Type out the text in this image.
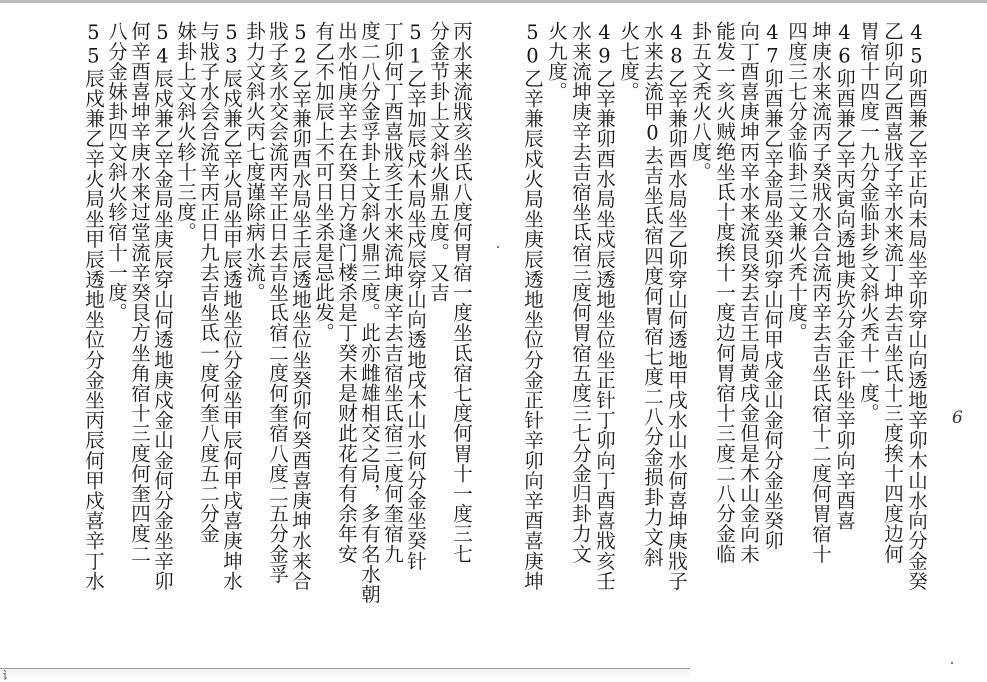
45卯酉兼乙辛正向未局坐辛卯穿山向透地辛卯木山水向分金癸
乙卯向乙酉喜戕子辛水来流丁坤去吉坐氐十三度挨十四度边何
胃宿十四度一九分金临卦乡文斜火秃十一度。
46卯酉兼乙辛丙寅向透地庚坎分金正针坐辛卯向辛酉喜
坤庚水来流丙子癸戕水合合流丙辛去吉坐氐宿十二度何胃宿十
四度三七分金临卦三文兼火秃十度。
47卯酉兼乙辛金局坐癸卯穿山何甲戌金山金何分金坐癸卯
向丁酉喜庚坤丙辛水来流艮癸去吉王局黄戌金但是木山金向未
能发一亥火贼绝坐氐十度挨十一度边何胃宿十三度二八分金临
卦五文秃火八度。
48乙辛兼卯酉水局坐乙卯穿山何透地甲戌水山水何喜坤庚戕子
水来去流甲0去吉坐氐宿四度何胃宿七度二八分金损卦力文斜
火七度。
49乙辛兼卯酉水局坐戍辰透地坐位坐正针丁卯向丁酉喜戕亥壬
水来流坤庚辛去吉宿坐氐宿三度何胃宿五度三七分金归卦力文
火九度。
50乙辛兼辰戍火局坐庚辰透地坐位分金正针辛卯向辛酉喜庚坤
丙水来流戕亥坐氐八度何胃宿一度坐氐宿七度何胃十一度三七
分金节卦上文斜火鼎五度。又吉
51乙辛加辰戍木局坐戍辰穿山向透地戌木山水何分金坐癸针
丁卯何丁酉喜戕亥壬水来流坤庚辛去吉宿坐氐宿三度何奎宿九
度二八分金孚卦上文斜火鼎三度。此亦雌雄相交之局，多有名水朝
出水怕庚辛去在癸日方逢门楼杀是丁癸未是财此花有有余年安
有乙不加辰上不可日坐杀是忌此发。
52乙辛兼卯酉水局坐壬辰透地坐位坐癸卯何癸酉喜庚坤水来合
戕子亥水交会流丙辛正日去吉坐氐宿二度何奎宿八度二五分金孚
卦力文斜火丙七度谨除病水流。
53辰戍兼乙辛火局坐甲辰透地坐位分金坐甲辰何甲戌喜庚坤水
与戕子水会合流辛丙正日九去吉坐氐一度何奎八度五二分金
妹卦上文斜火轸十三度。
54辰戍兼乙辛金局坐庚辰穿山何透地庚戍金山金何分金坐辛卯
何辛酉喜坤辛庚水来过堂流辛癸艮方坐角宿十三度何奎四度二
八分金妹卦四文斜火轸宿十一度。
55辰戍兼乙辛火局坐甲辰透地坐位分金坐丙辰何甲戍喜辛丁水	6
讠
